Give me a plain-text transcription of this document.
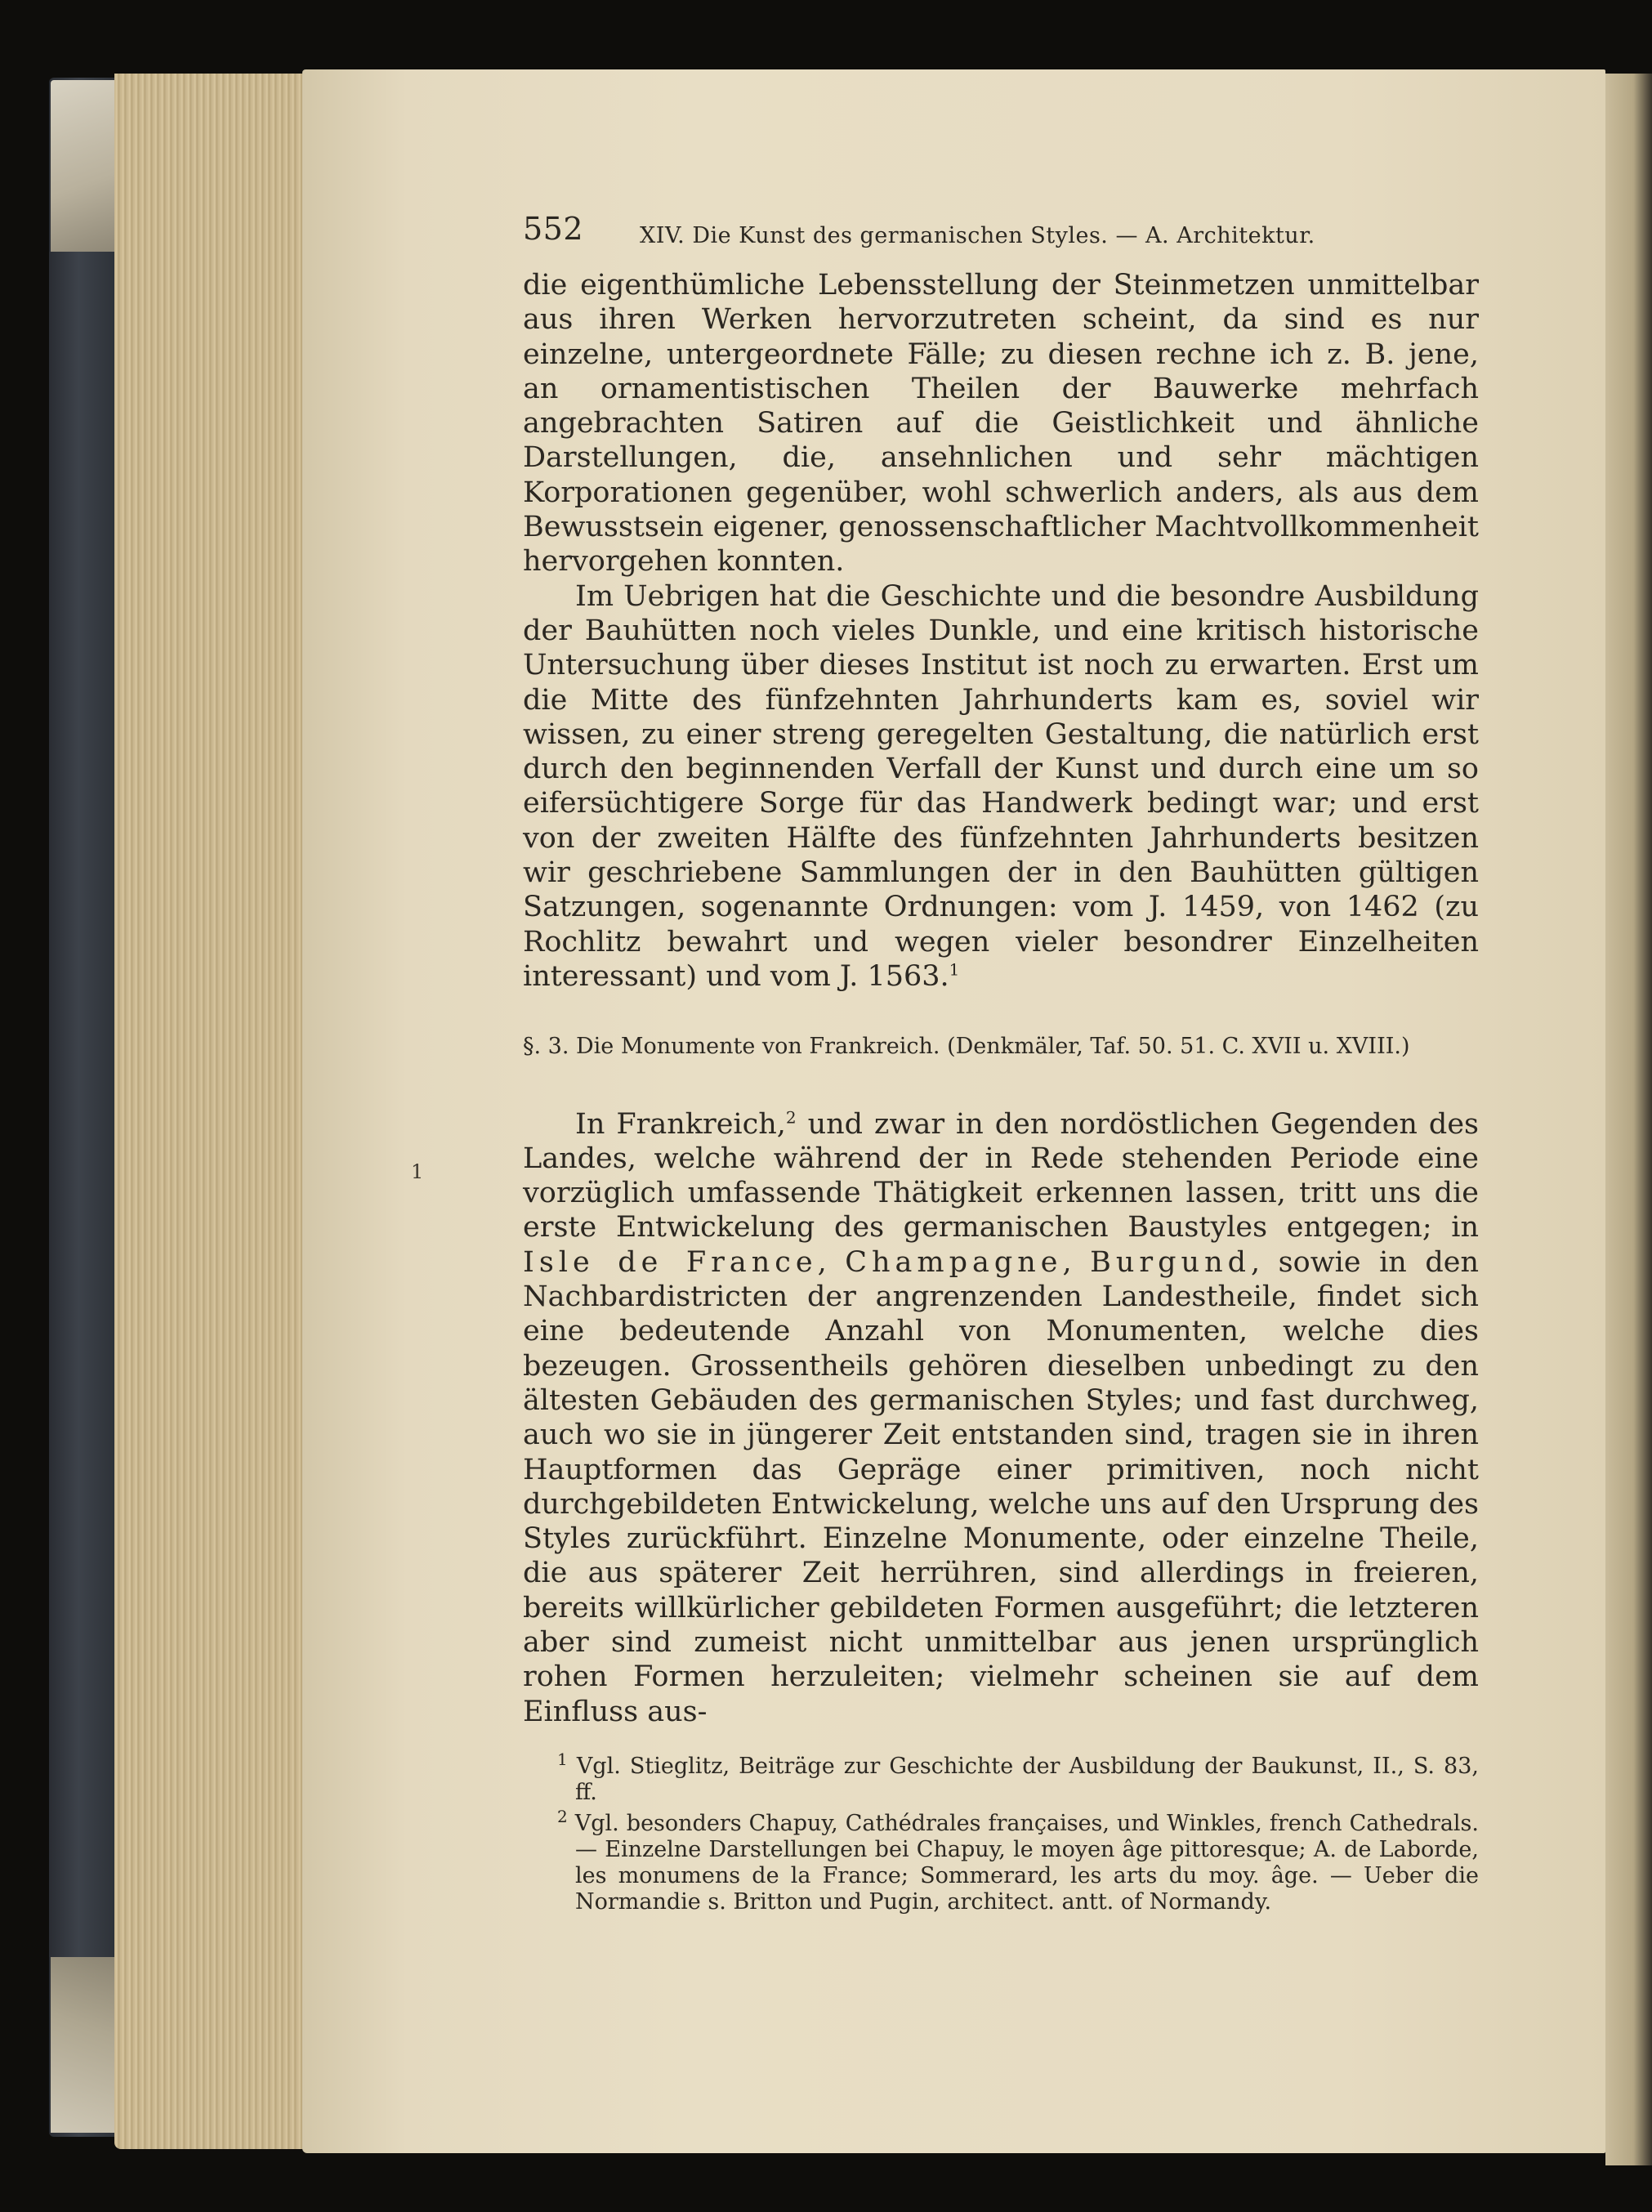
1
552	XIV. Die Kunst des germanischen Styles. — A. Architektur.

die eigenthümliche Lebensstellung der Steinmetzen unmittelbar aus ihren Werken hervorzutreten scheint, da sind es nur einzelne, untergeordnete Fälle; zu diesen rechne ich z. B. jene, an ornamentistischen Theilen der Bauwerke mehrfach angebrachten Satiren auf die Geistlichkeit und ähnliche Darstellungen, die, ansehnlichen und sehr mächtigen Korporationen gegenüber, wohl schwerlich anders, als aus dem Bewusstsein eigener, genossenschaftlicher Machtvollkommenheit hervorgehen konnten.

Im Uebrigen hat die Geschichte und die besondre Ausbildung der Bauhütten noch vieles Dunkle, und eine kritisch historische Untersuchung über dieses Institut ist noch zu erwarten. Erst um die Mitte des fünfzehnten Jahrhunderts kam es, soviel wir wissen, zu einer streng geregelten Gestaltung, die natürlich erst durch den beginnenden Verfall der Kunst und durch eine um so eifersüchtigere Sorge für das Handwerk bedingt war; und erst von der zweiten Hälfte des fünfzehnten Jahrhunderts besitzen wir geschriebene Sammlungen der in den Bauhütten gültigen Satzungen, sogenannte Ordnungen: vom J. 1459, von 1462 (zu Rochlitz bewahrt und wegen vieler besondrer Einzelheiten interessant) und vom J. 1563.$^1$

§. 3. Die Monumente von Frankreich. (Denkmäler, Taf. 50. 51. C. XVII u. XVIII.)

In Frankreich,$^2$ und zwar in den nordöstlichen Gegenden des Landes, welche während der in Rede stehenden Periode eine vorzüglich umfassende Thätigkeit erkennen lassen, tritt uns die erste Entwickelung des germanischen Baustyles entgegen; in Isle de France, Champagne, Burgund, sowie in den Nachbardistricten der angrenzenden Landestheile, findet sich eine bedeutende Anzahl von Monumenten, welche dies bezeugen. Grossentheils gehören dieselben unbedingt zu den ältesten Gebäuden des germanischen Styles; und fast durchweg, auch wo sie in jüngerer Zeit entstanden sind, tragen sie in ihren Hauptformen das Gepräge einer primitiven, noch nicht durchgebildeten Entwickelung, welche uns auf den Ursprung des Styles zurückführt. Einzelne Monumente, oder einzelne Theile, die aus späterer Zeit herrühren, sind allerdings in freieren, bereits willkürlicher gebildeten Formen ausgeführt; die letzteren aber sind zumeist nicht unmittelbar aus jenen ursprünglich rohen Formen herzuleiten; vielmehr scheinen sie auf dem Einfluss aus-

$^1$ Vgl. Stieglitz, Beiträge zur Geschichte der Ausbildung der Baukunst, II., S. 83, ff.

$^2$ Vgl. besonders Chapuy, Cathédrales françaises, und Winkles, french Cathedrals. — Einzelne Darstellungen bei Chapuy, le moyen âge pittoresque; A. de Laborde, les monumens de la France; Sommerard, les arts du moy. âge. — Ueber die Normandie s. Britton und Pugin, architect. antt. of Normandy.
